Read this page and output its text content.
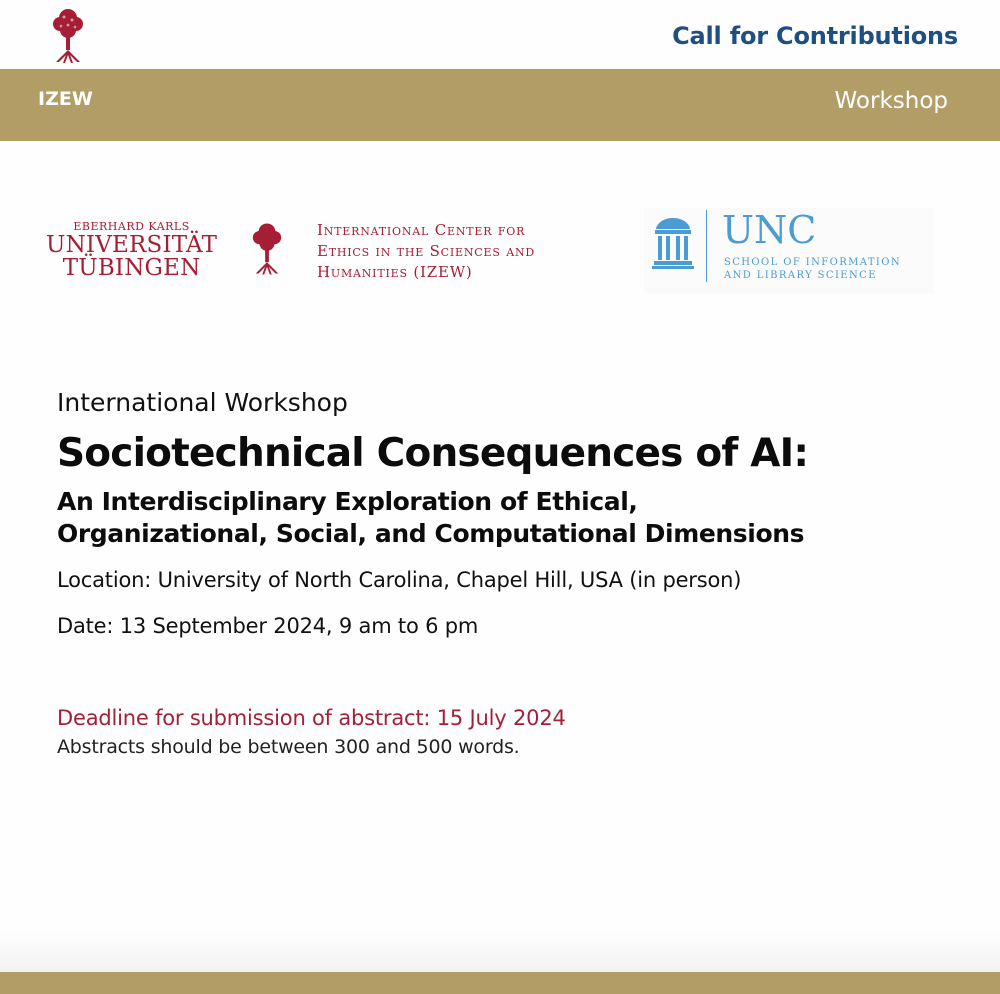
Call for Contributions
IZEW	Workshop
EBERHARD KARLS
UNIVERSITÄT
TÜBINGEN
International Center for
Ethics in the Sciences and
Humanities (IZEW)
UNC
SCHOOL OF INFORMATION
AND LIBRARY SCIENCE

International Workshop

Sociotechnical Consequences of AI:
An Interdisciplinary Exploration of Ethical,
Organizational, Social, and Computational Dimensions

Location: University of North Carolina, Chapel Hill, USA (in person)

Date: 13 September 2024, 9 am to 6 pm

Deadline for submission of abstract: 15 July 2024

Abstracts should be between 300 and 500 words.
